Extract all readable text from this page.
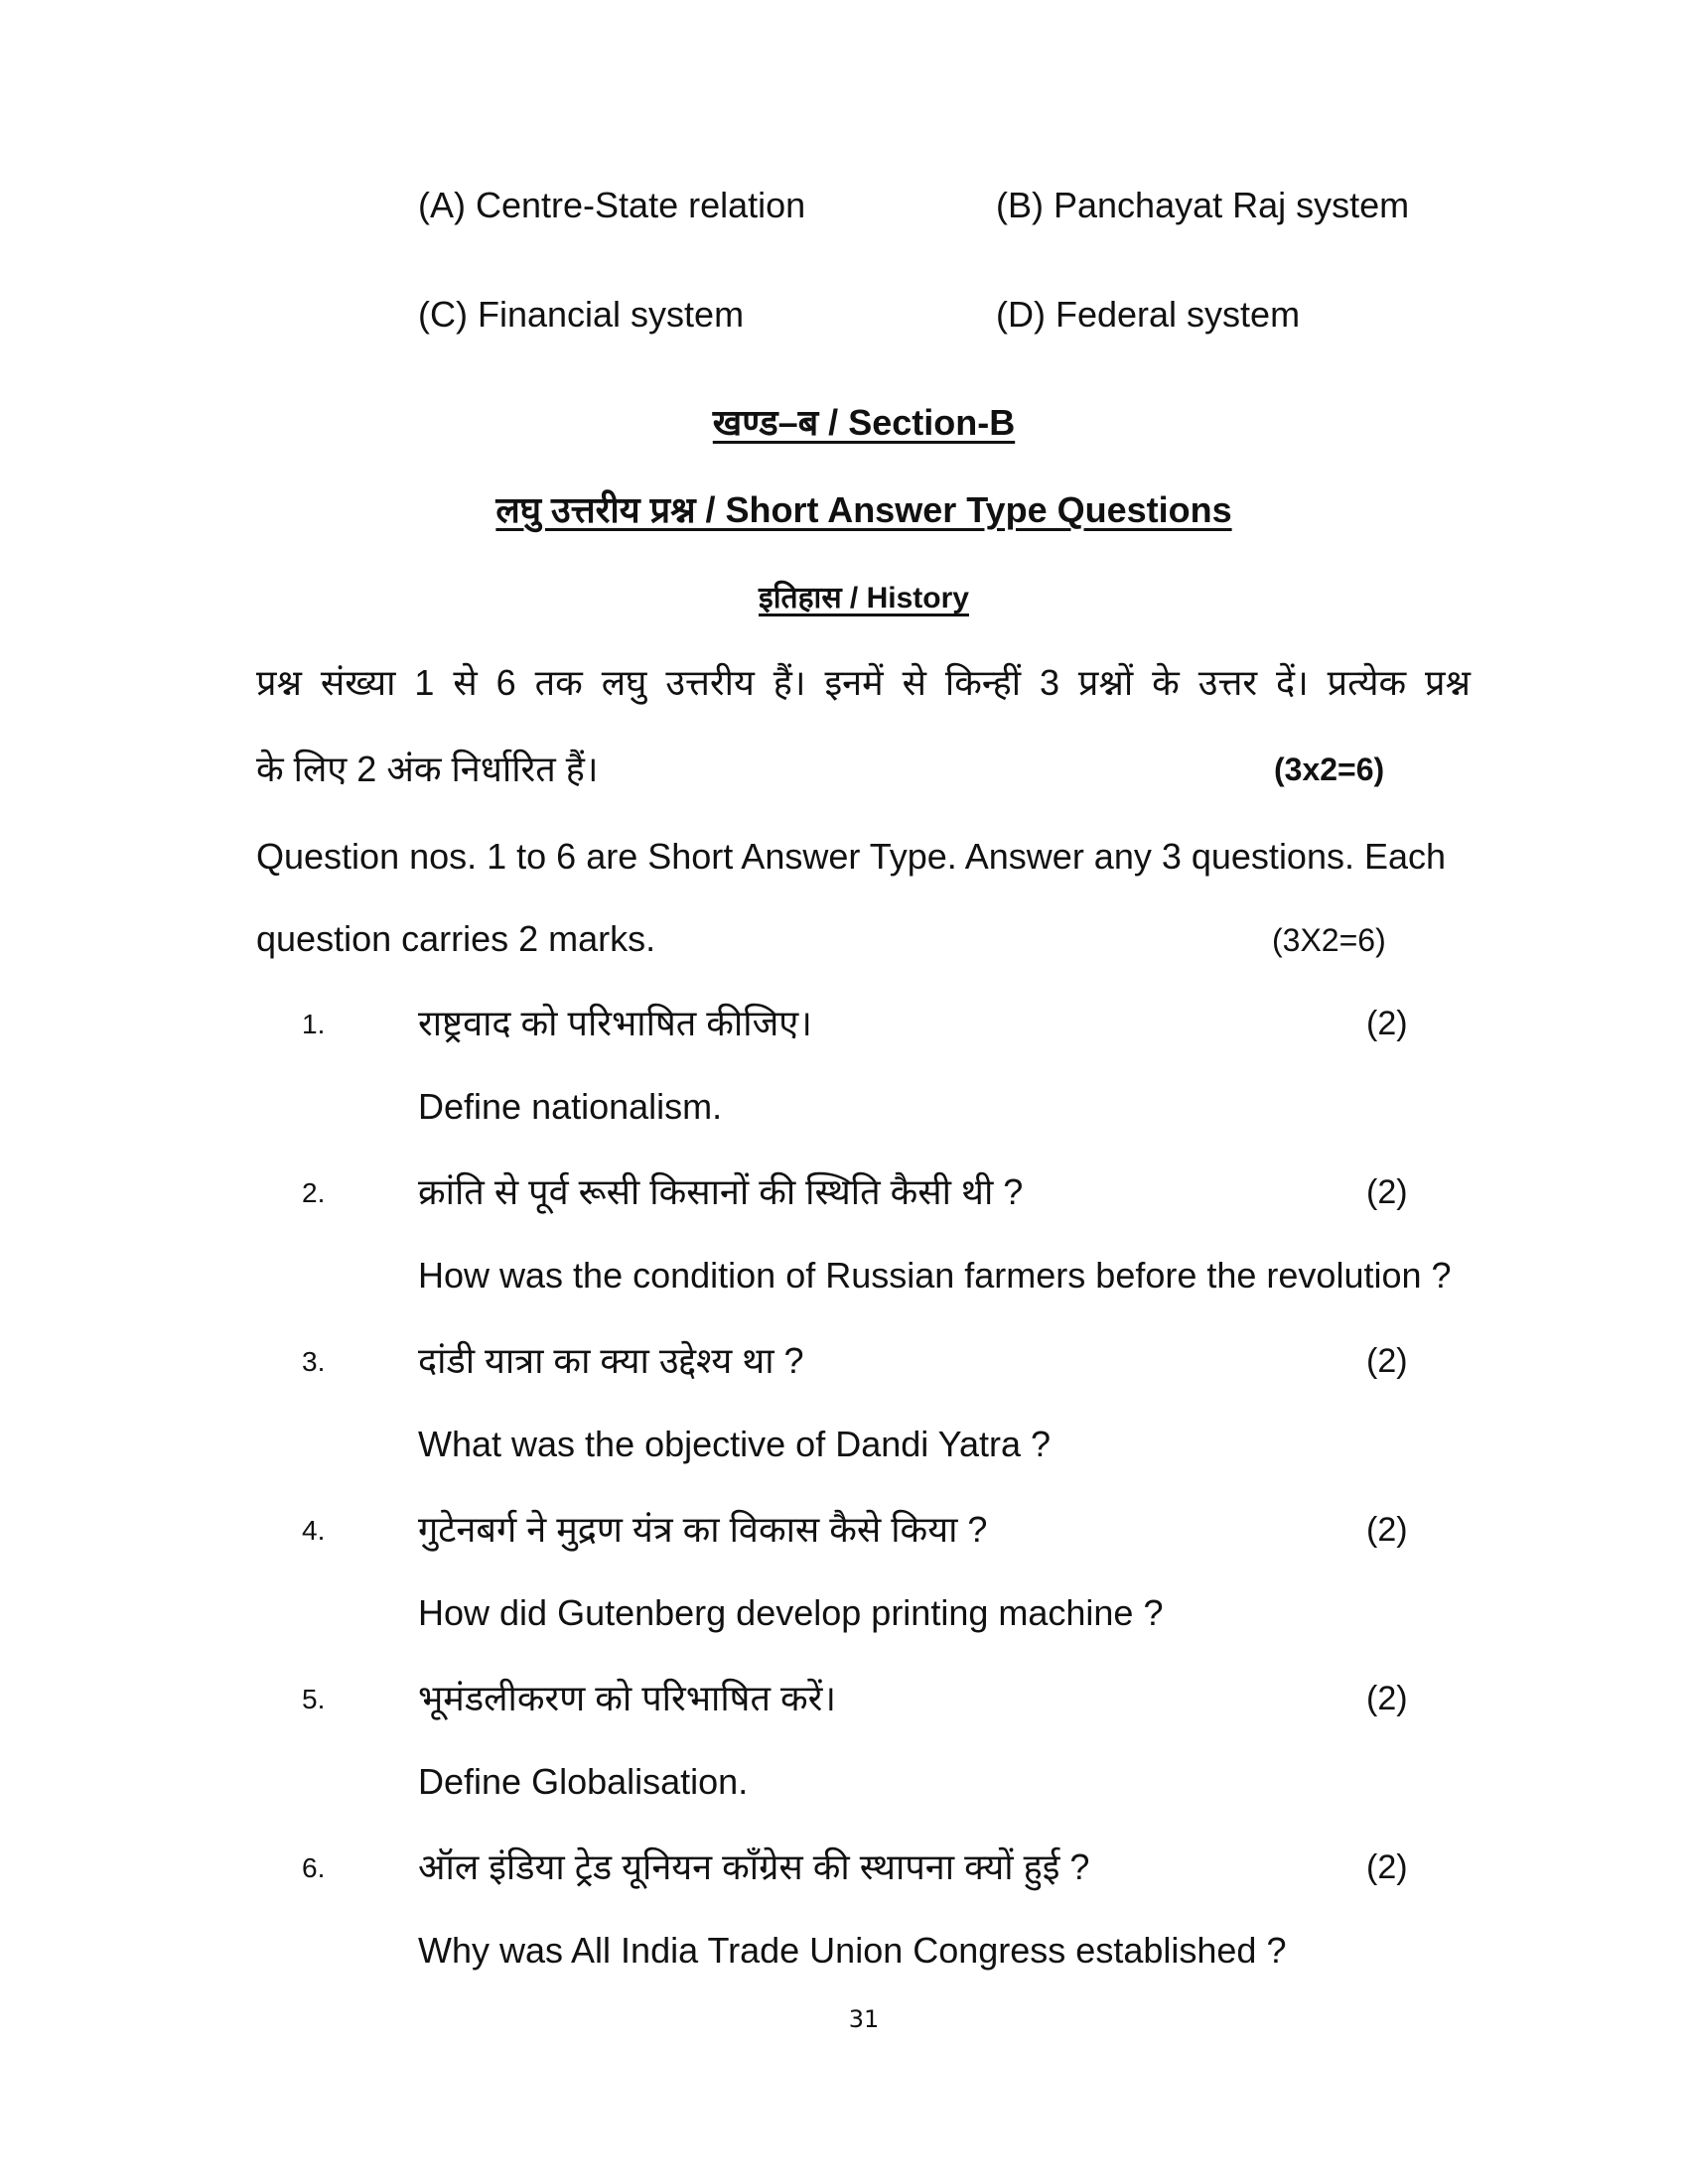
(A) Centre-State relation	(B) Panchayat Raj system
(C) Financial system	(D) Federal system
खण्ड–ब / Section-B
लघु उत्तरीय प्रश्न / Short Answer Type Questions
इतिहास / History
प्रश्न संख्या 1 से 6 तक लघु उत्तरीय हैं। इनमें से किन्हीं 3 प्रश्नों के उत्तर दें। प्रत्येक प्रश्न
के लिए 2 अंक निर्धारित हैं।	(3x2=6)
Question nos. 1 to 6 are Short Answer Type. Answer any 3 questions. Each
question carries 2 marks.	(3X2=6)
1.	राष्ट्रवाद को परिभाषित कीजिए।	(2)
Define nationalism.
2.	क्रांति से पूर्व रूसी किसानों की स्थिति कैसी थी ?	(2)
How was the condition of Russian farmers before the revolution ?
3.	दांडी यात्रा का क्या उद्देश्य था ?	(2)
What was the objective of Dandi Yatra ?
4.	गुटेनबर्ग ने मुद्रण यंत्र का विकास कैसे किया ?	(2)
How did Gutenberg develop printing machine ?
5.	भूमंडलीकरण को परिभाषित करें।	(2)
Define Globalisation.
6.	ऑल इंडिया ट्रेड यूनियन कॉंग्रेस की स्थापना क्यों हुई ?	(2)
Why was All India Trade Union Congress established ?
31
